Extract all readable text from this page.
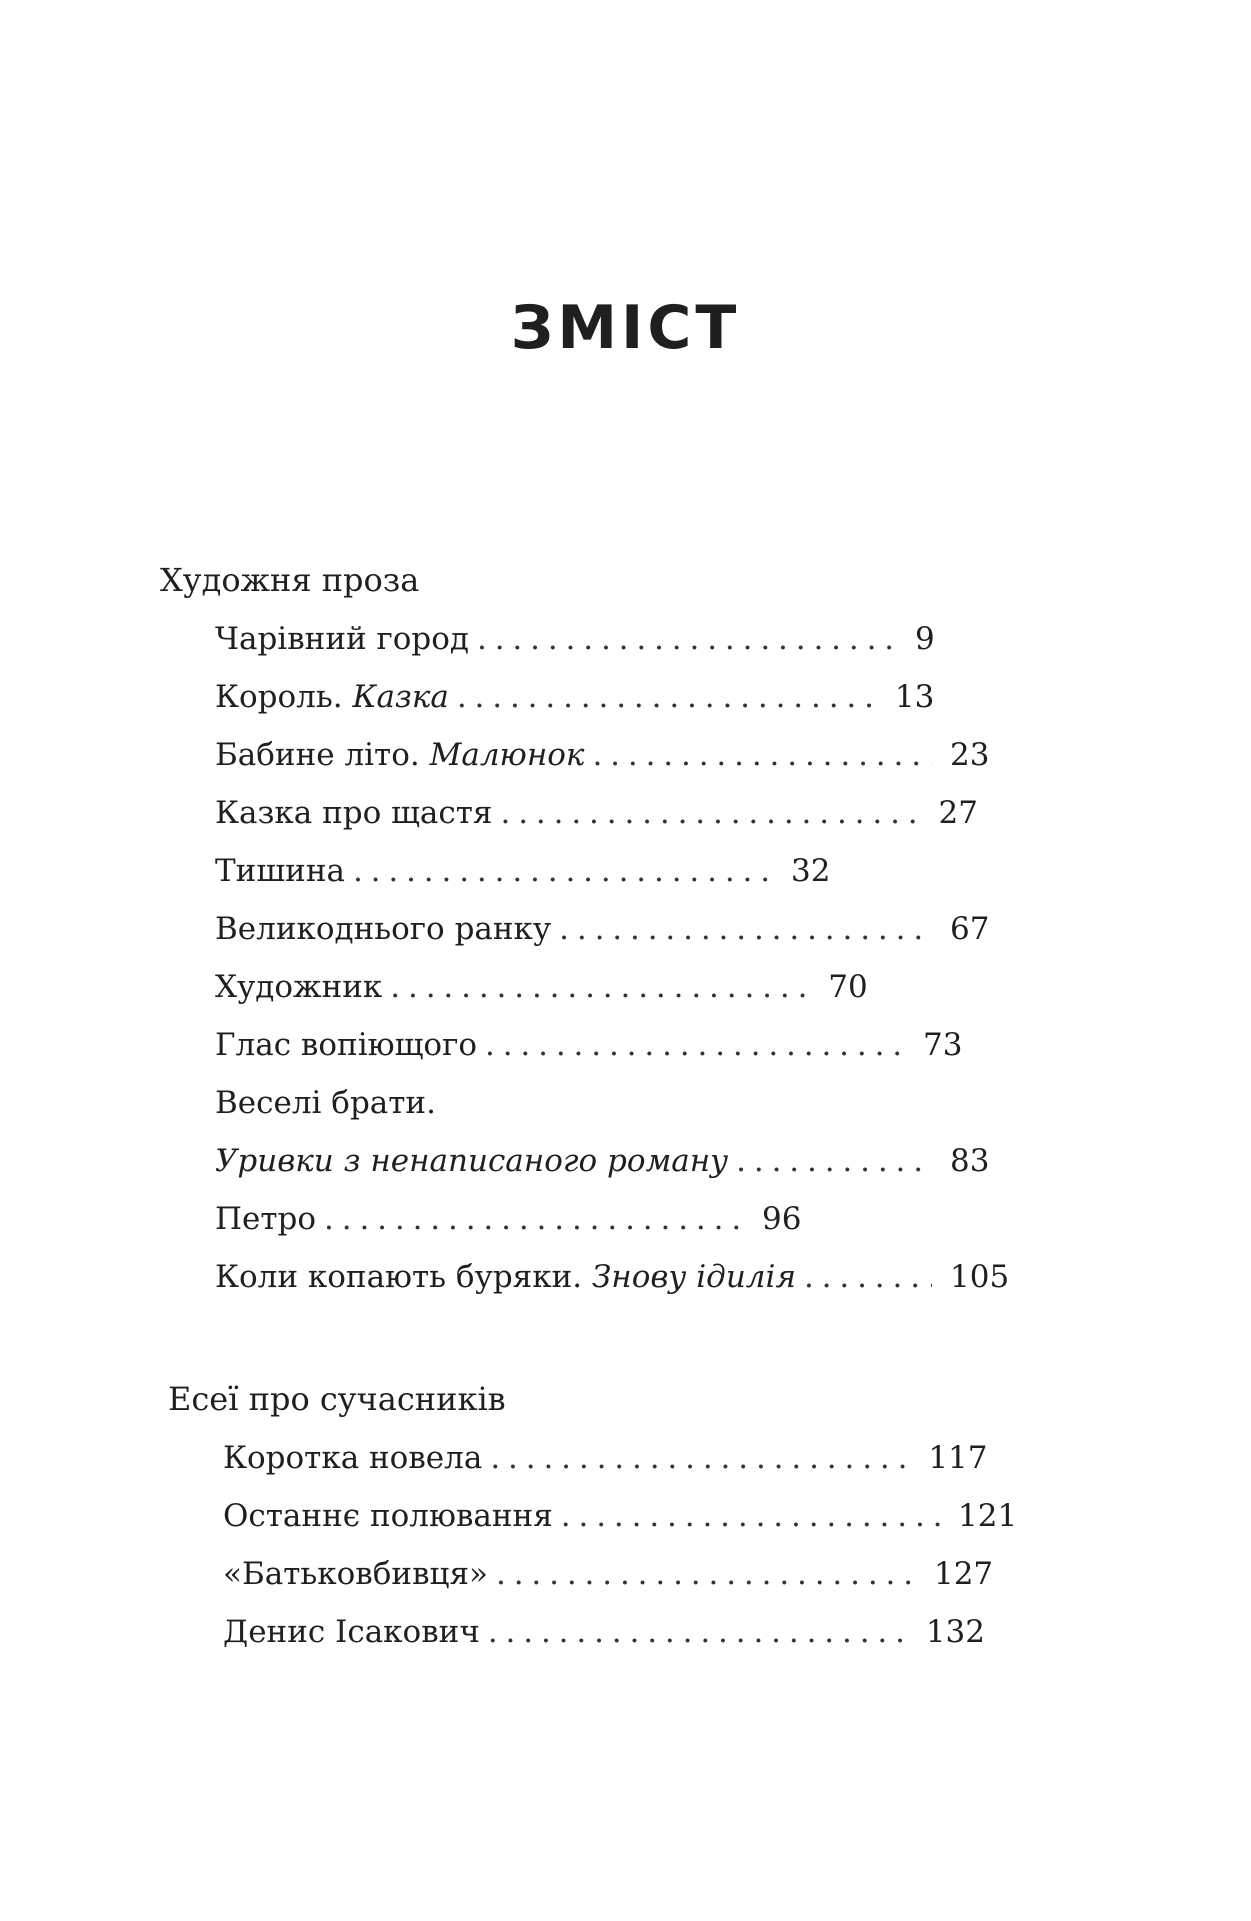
ЗМІСТ
Художня проза
Чарівний город . . .	9
Король. Казка . . .	13
Бабине літо. Малюнок . . .	23
Казка про щастя . . .	27
Тишина . . .	32
Великоднього ранку . . .	67
Художник . . .	70
Глас вопіющого . . .	73
Веселі брати.
Уривки з ненаписаного роману . . .	83
Петро . . .	96
Коли копають буряки. Знову ідилія . . .	105
Есеї про сучасників
Коротка новела . . .	117
Останнє полювання . . .	121
«Батьковбивця» . . .	127
Денис Ісакович . . .	132
